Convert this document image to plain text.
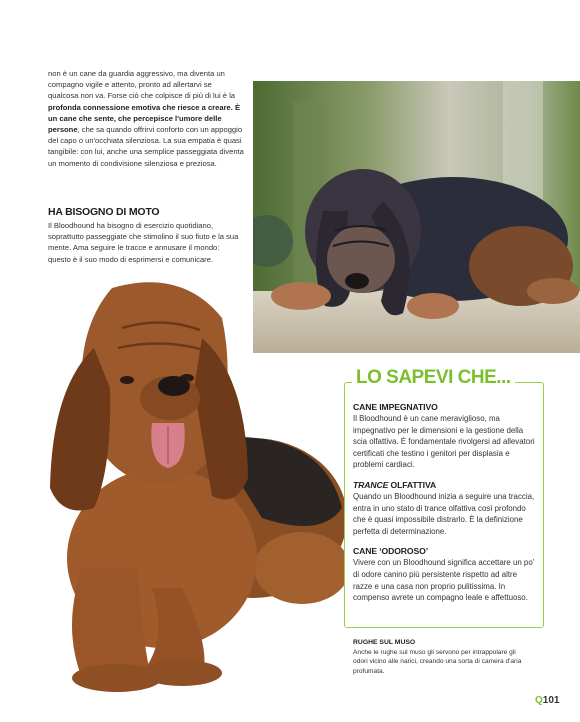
non è un cane da guardia aggressivo, ma diventa un compagno vigile e attento, pronto ad allertarvi se qualcosa non va. Forse ciò che colpisce di più di lui è la profonda connessione emotiva che riesce a creare. È un cane che sente, che percepisce l'umore delle persone, che sa quando offrirvi conforto con un appoggio del capo o un'occhiata silenziosa. La sua empatia è quasi tangibile: con lui, anche una semplice passeggiata diventa un momento di condivisione silenziosa e preziosa.

HA BISOGNO DI MOTO

Il Bloodhound ha bisogno di esercizio quotidiano, soprattutto passeggiate che stimolino il suo fiuto e la sua mente. Ama seguire le tracce e annusare il mondo: questo è il suo modo di esprimersi e comunicare.

LO SAPEVI CHE...
CANE IMPEGNATIVO

Il Bloodhound è un cane meraviglioso, ma impegnativo per le dimensioni e la gestione della scia olfattiva. È fondamentale rivolgersi ad allevatori certificati che testino i genitori per displasia e problemi cardiaci.

TRANCE OLFATTIVA

Quando un Bloodhound inizia a seguire una traccia, entra in uno stato di trance olfattiva così profondo che è quasi impossibile distrarlo. È la definizione perfetta di determinazione.

CANE ‘ODOROSO’

Vivere con un Bloodhound significa accettare un po' di odore canino più persistente rispetto ad altre razze e una casa non proprio pulitissima. In compenso avrete un compagno leale e affettuoso.

RUGHE SUL MUSO
Anche le rughe sul muso gli servono per intrappolare gli odori vicino alle narici, creando una sorta di camera d'aria profumata.
Q101
